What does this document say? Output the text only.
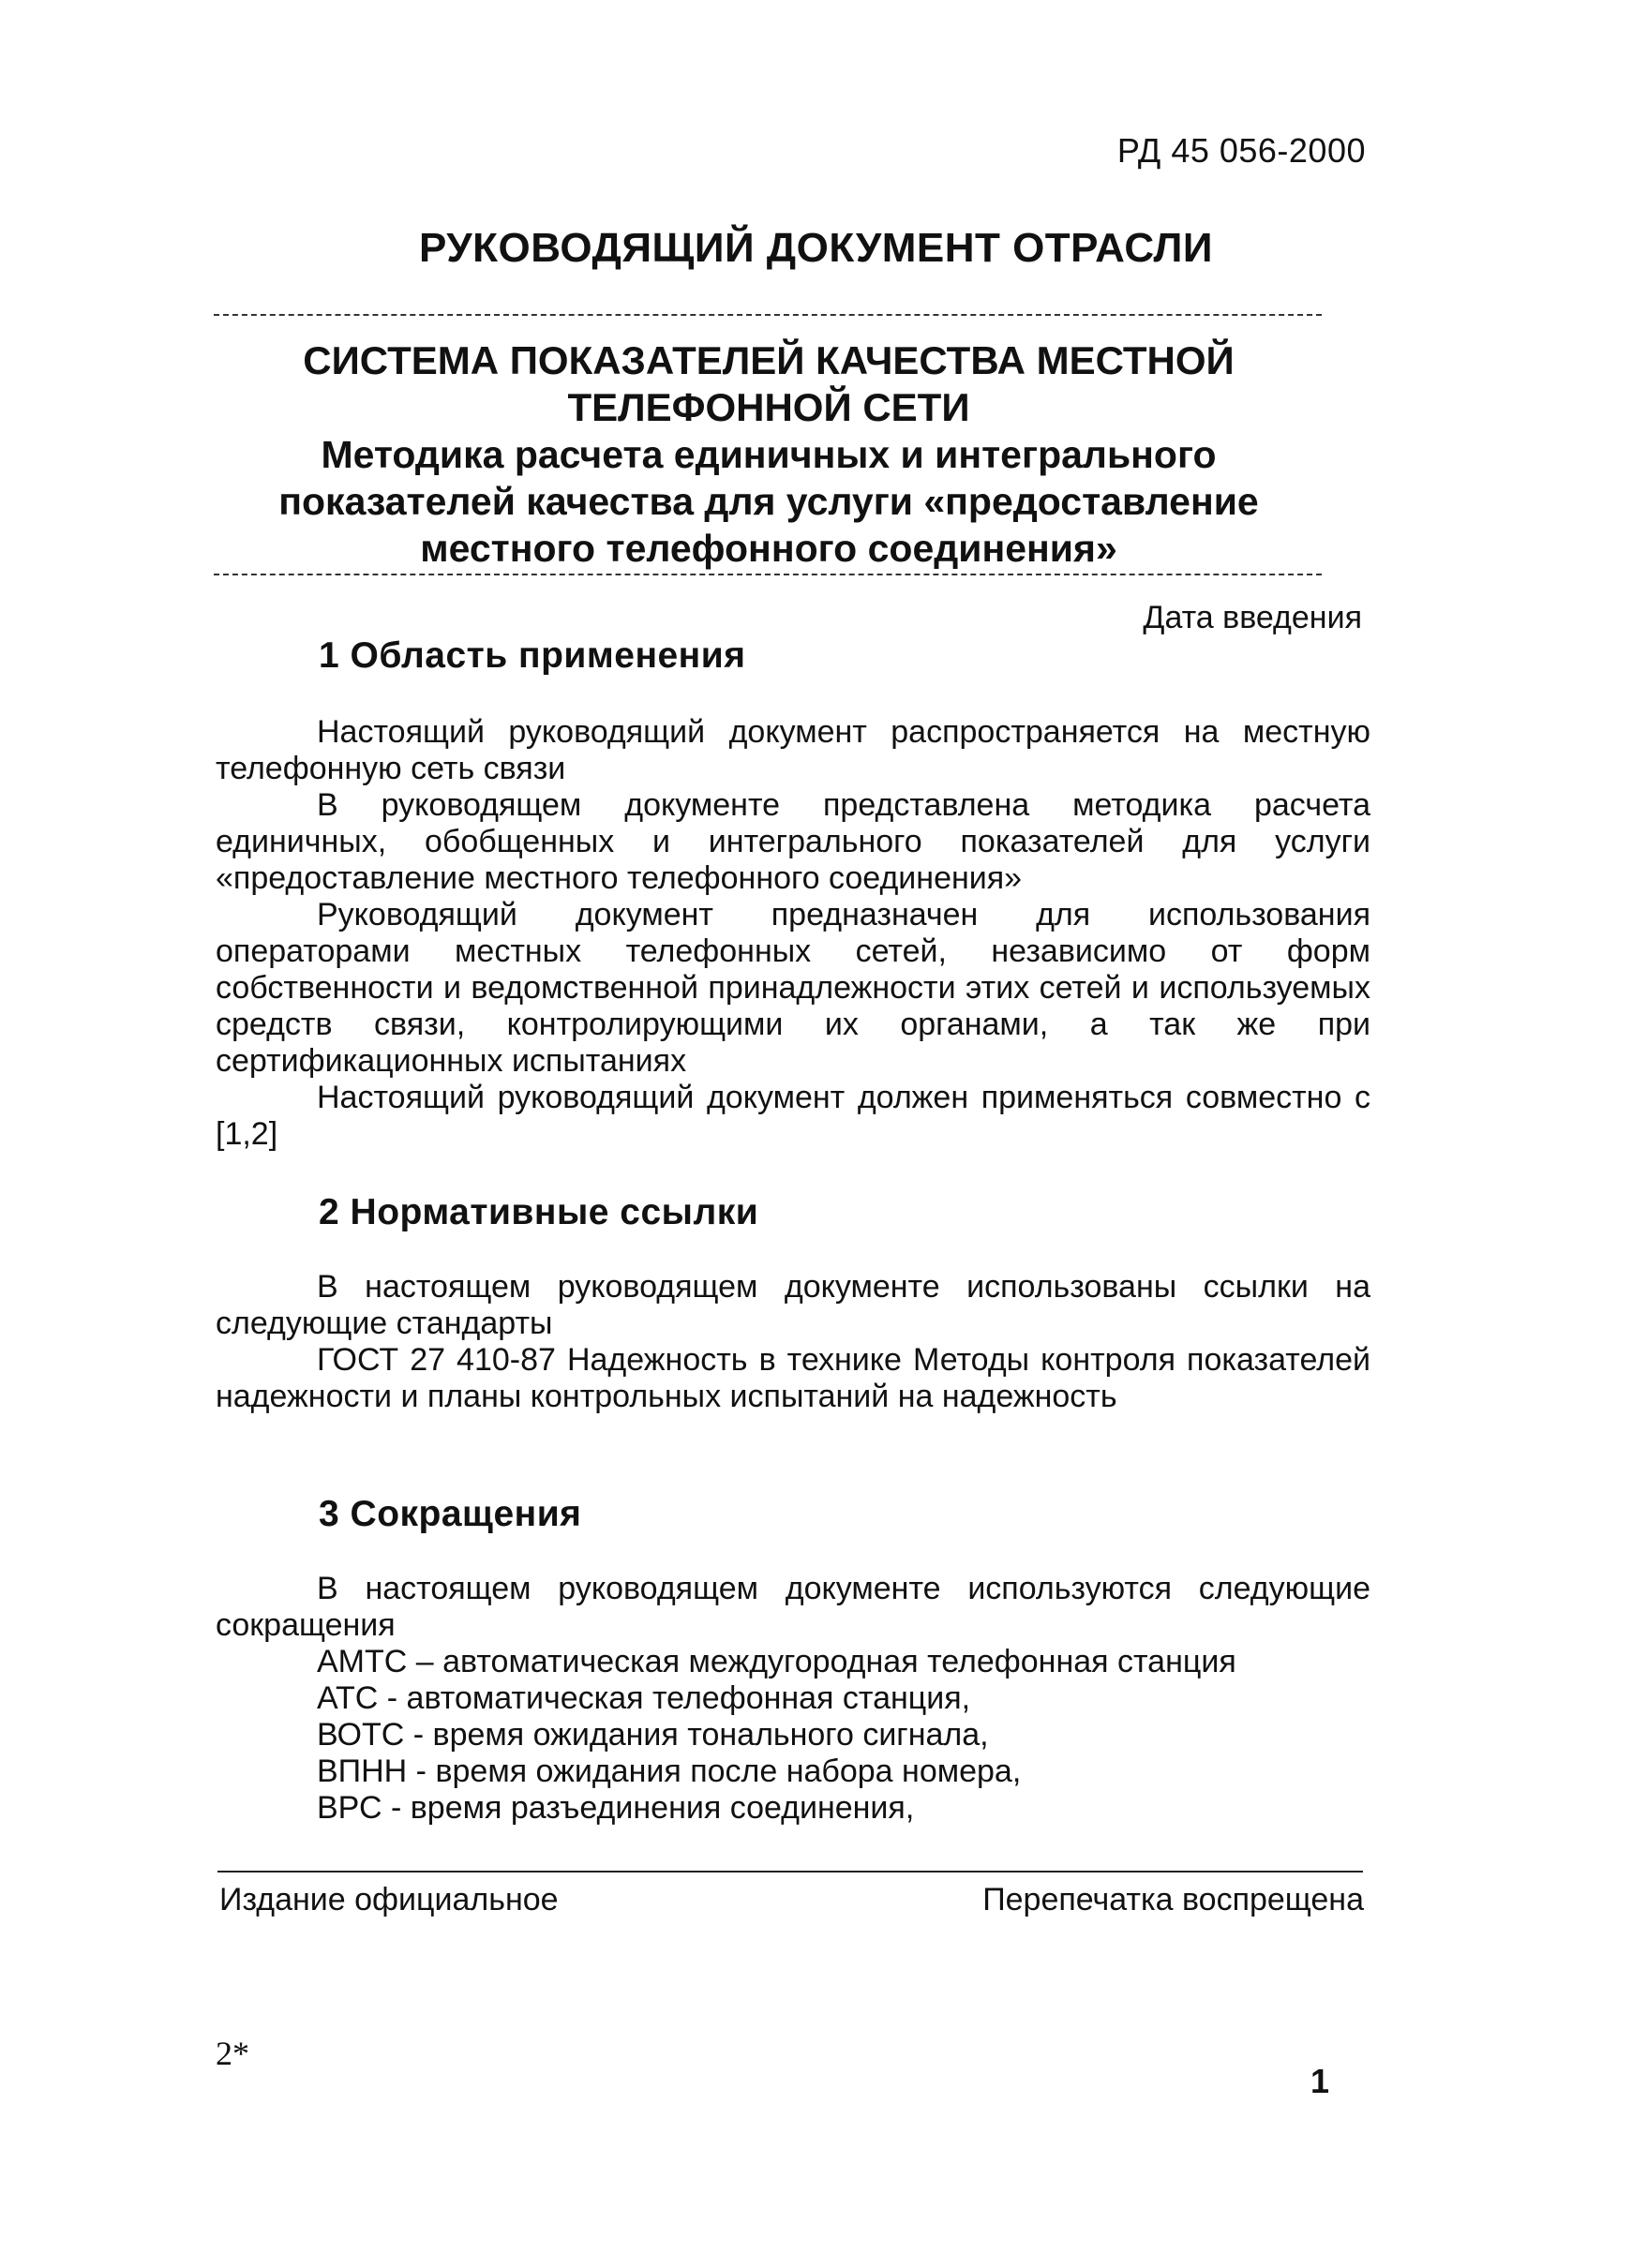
РД 45 056-2000
РУКОВОДЯЩИЙ ДОКУМЕНТ ОТРАСЛИ
СИСТЕМА ПОКАЗАТЕЛЕЙ КАЧЕСТВА МЕСТНОЙ
ТЕЛЕФОННОЙ СЕТИ
Методика расчета единичных и интегрального
показателей качества для услуги «предоставление
местного телефонного соединения»
Дата введения
1 Область применения

Настоящий руководящий документ распространяется на местную телефонную сеть связи

В руководящем документе представлена методика расчета единичных, обобщенных и интегрального показателей для услуги «предоставление местного телефонного соединения»

Руководящий документ предназначен для использования операторами местных телефонных сетей, независимо от форм собственности и ведомственной принадлежности этих сетей и используемых средств связи, контролирующими их органами, а так же при сертификационных испытаниях

Настоящий руководящий документ должен применяться совместно с [1,2]

2 Нормативные ссылки

В настоящем руководящем документе использованы ссылки на следующие стандарты

ГОСТ 27 410-87 Надежность в технике Методы контроля показателей надежности и планы контрольных испытаний на надежность

3 Сокращения

В настоящем руководящем документе используются следующие сокращения

АМТС – автоматическая междугородная телефонная станция
АТС - автоматическая телефонная станция,
ВОТС - время ожидания тонального сигнала,
ВПНН - время ожидания после набора номера,
ВРС - время разъединения соединения,
Издание официальное	Перепечатка воспрещена
2*
1
